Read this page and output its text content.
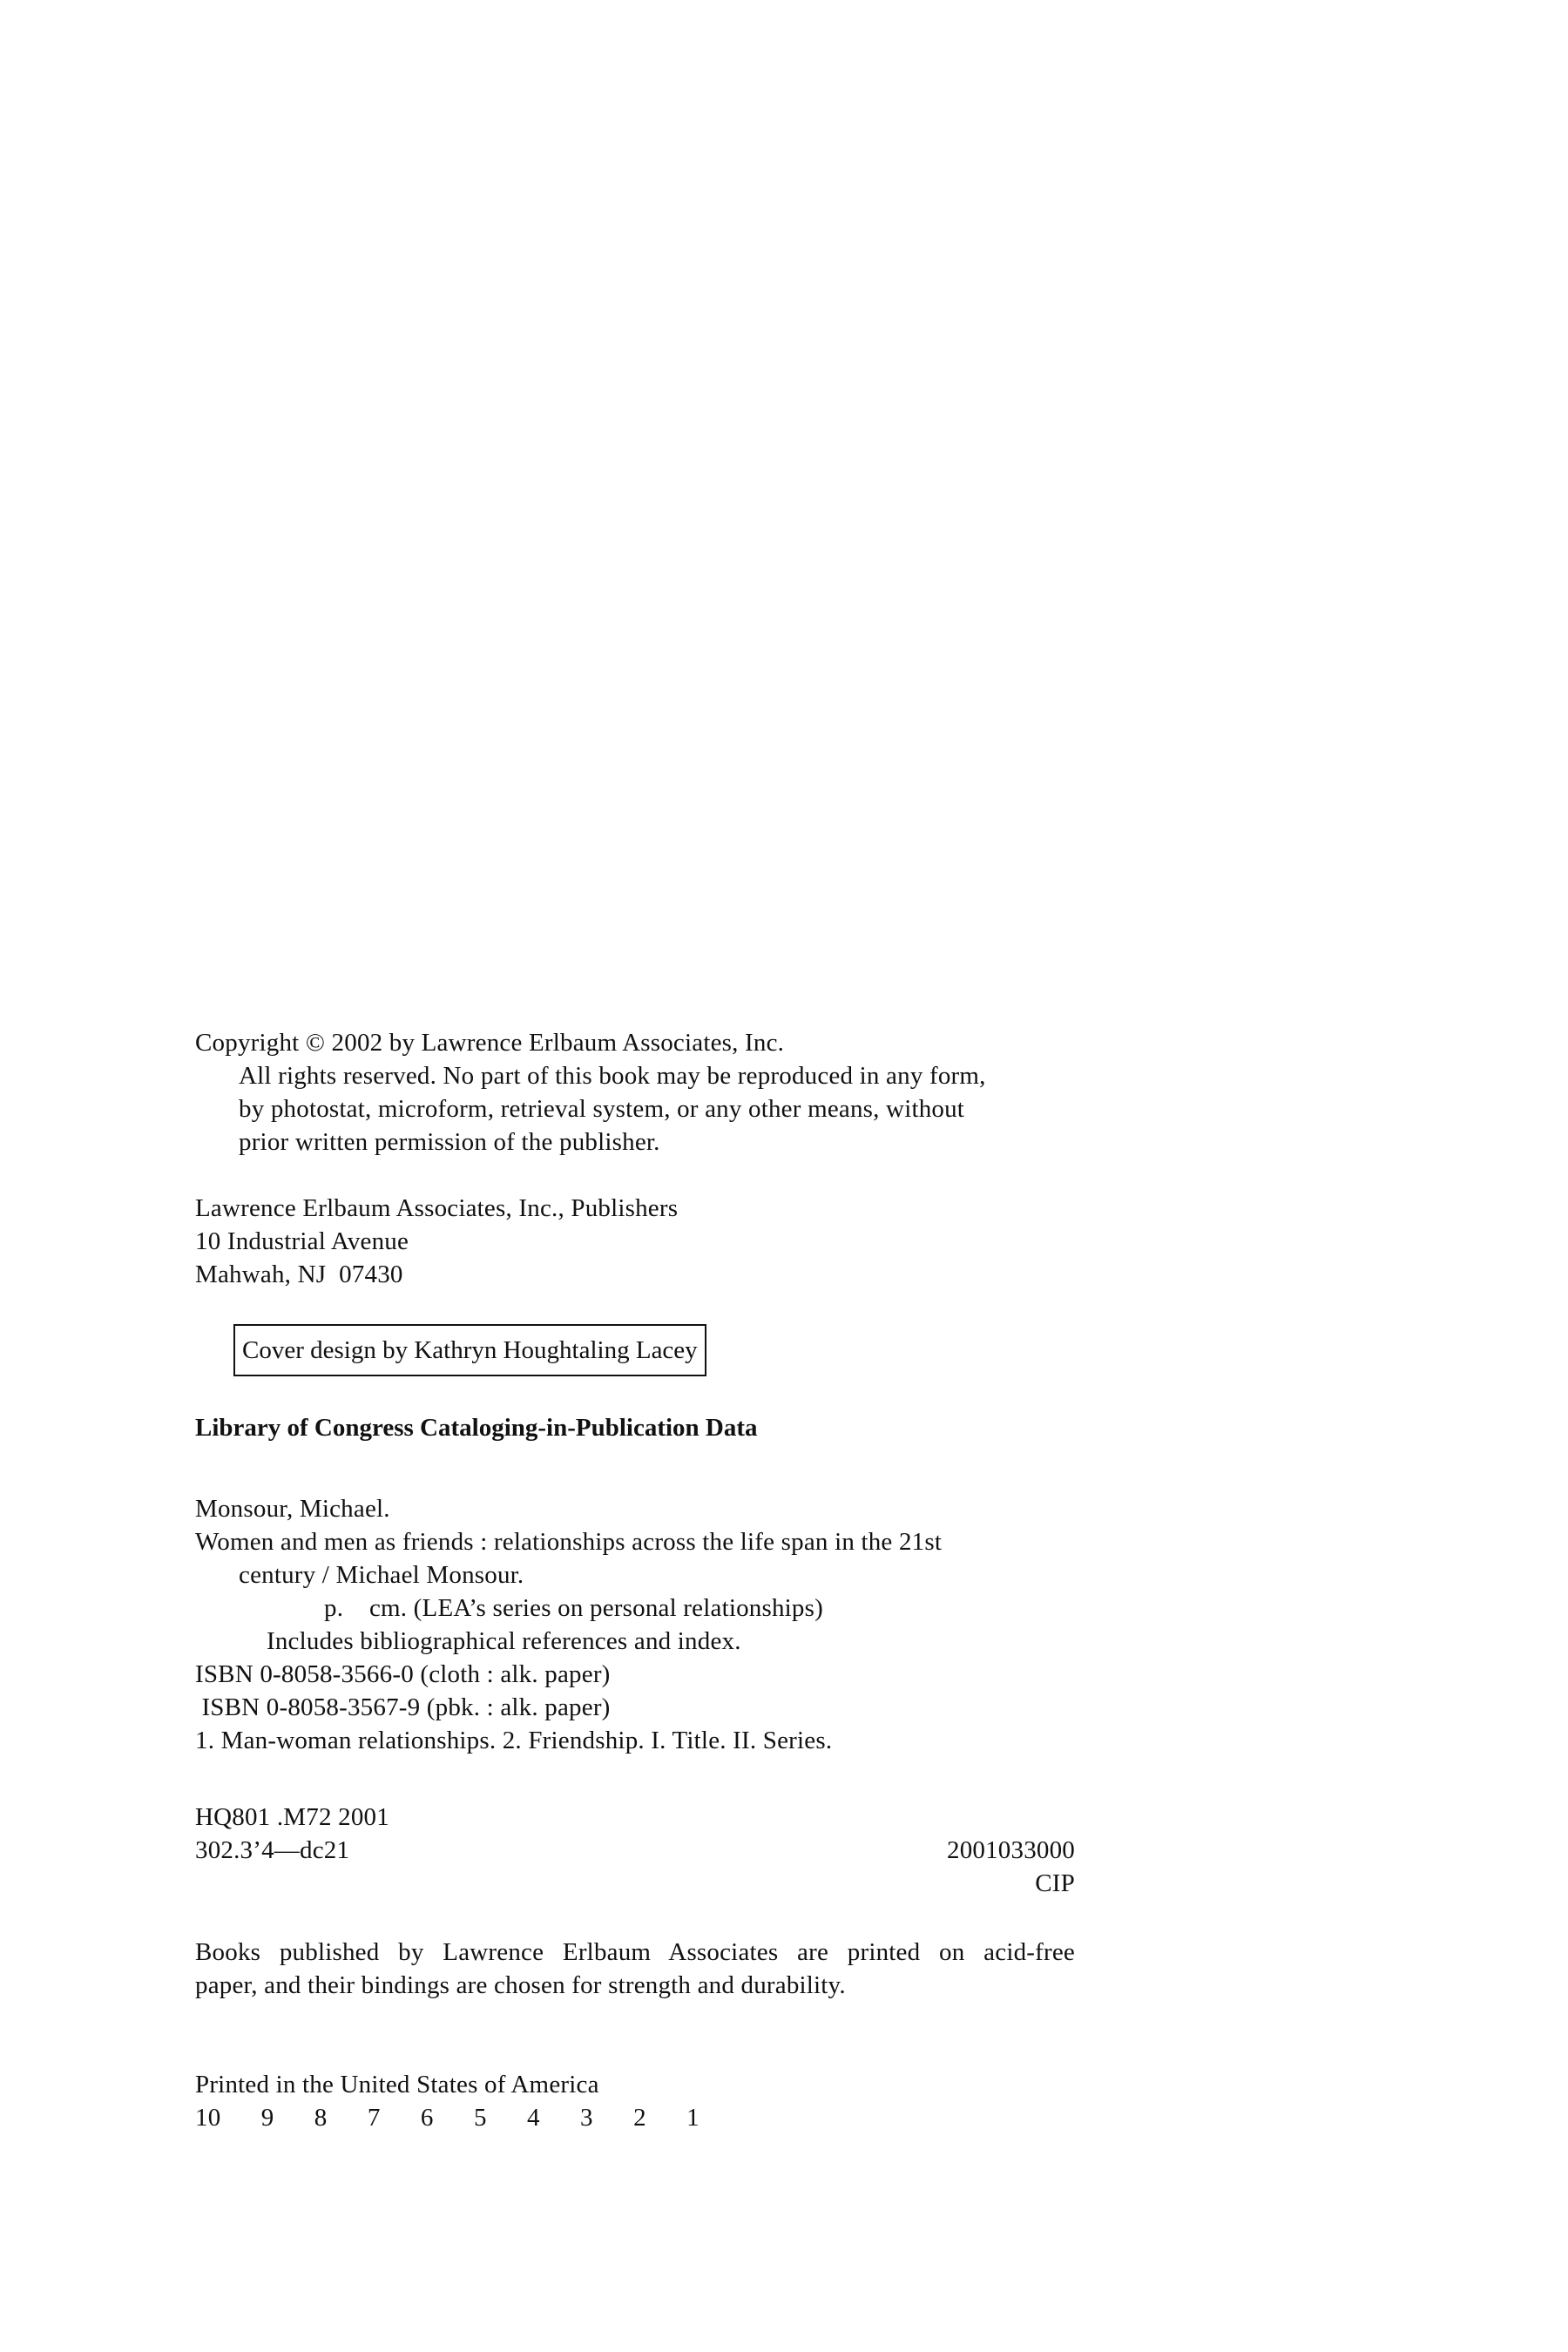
Copyright © 2002 by Lawrence Erlbaum Associates, Inc.
All rights reserved. No part of this book may be reproduced in any form,
by photostat, microform, retrieval system, or any other means, without
prior written permission of the publisher.
Lawrence Erlbaum Associates, Inc., Publishers
10 Industrial Avenue
Mahwah, NJ  07430
Cover design by Kathryn Houghtaling Lacey
Library of Congress Cataloging-in-Publication Data
Monsour, Michael.
Women and men as friends : relationships across the life span in the 21st
century / Michael Monsour.
p.    cm. (LEA’s series on personal relationships)
Includes bibliographical references and index.
ISBN 0-8058-3566-0 (cloth : alk. paper)
ISBN 0-8058-3567-9 (pbk. : alk. paper)
1. Man-woman relationships. 2. Friendship. I. Title. II. Series.
HQ801 .M72 2001
302.3’4—dc21	2001033000
CIP
Books published by Lawrence Erlbaum Associates are printed on acid-free
paper, and their bindings are chosen for strength and durability.
Printed in the United States of America
10   9   8   7   6   5   4   3   2   1
